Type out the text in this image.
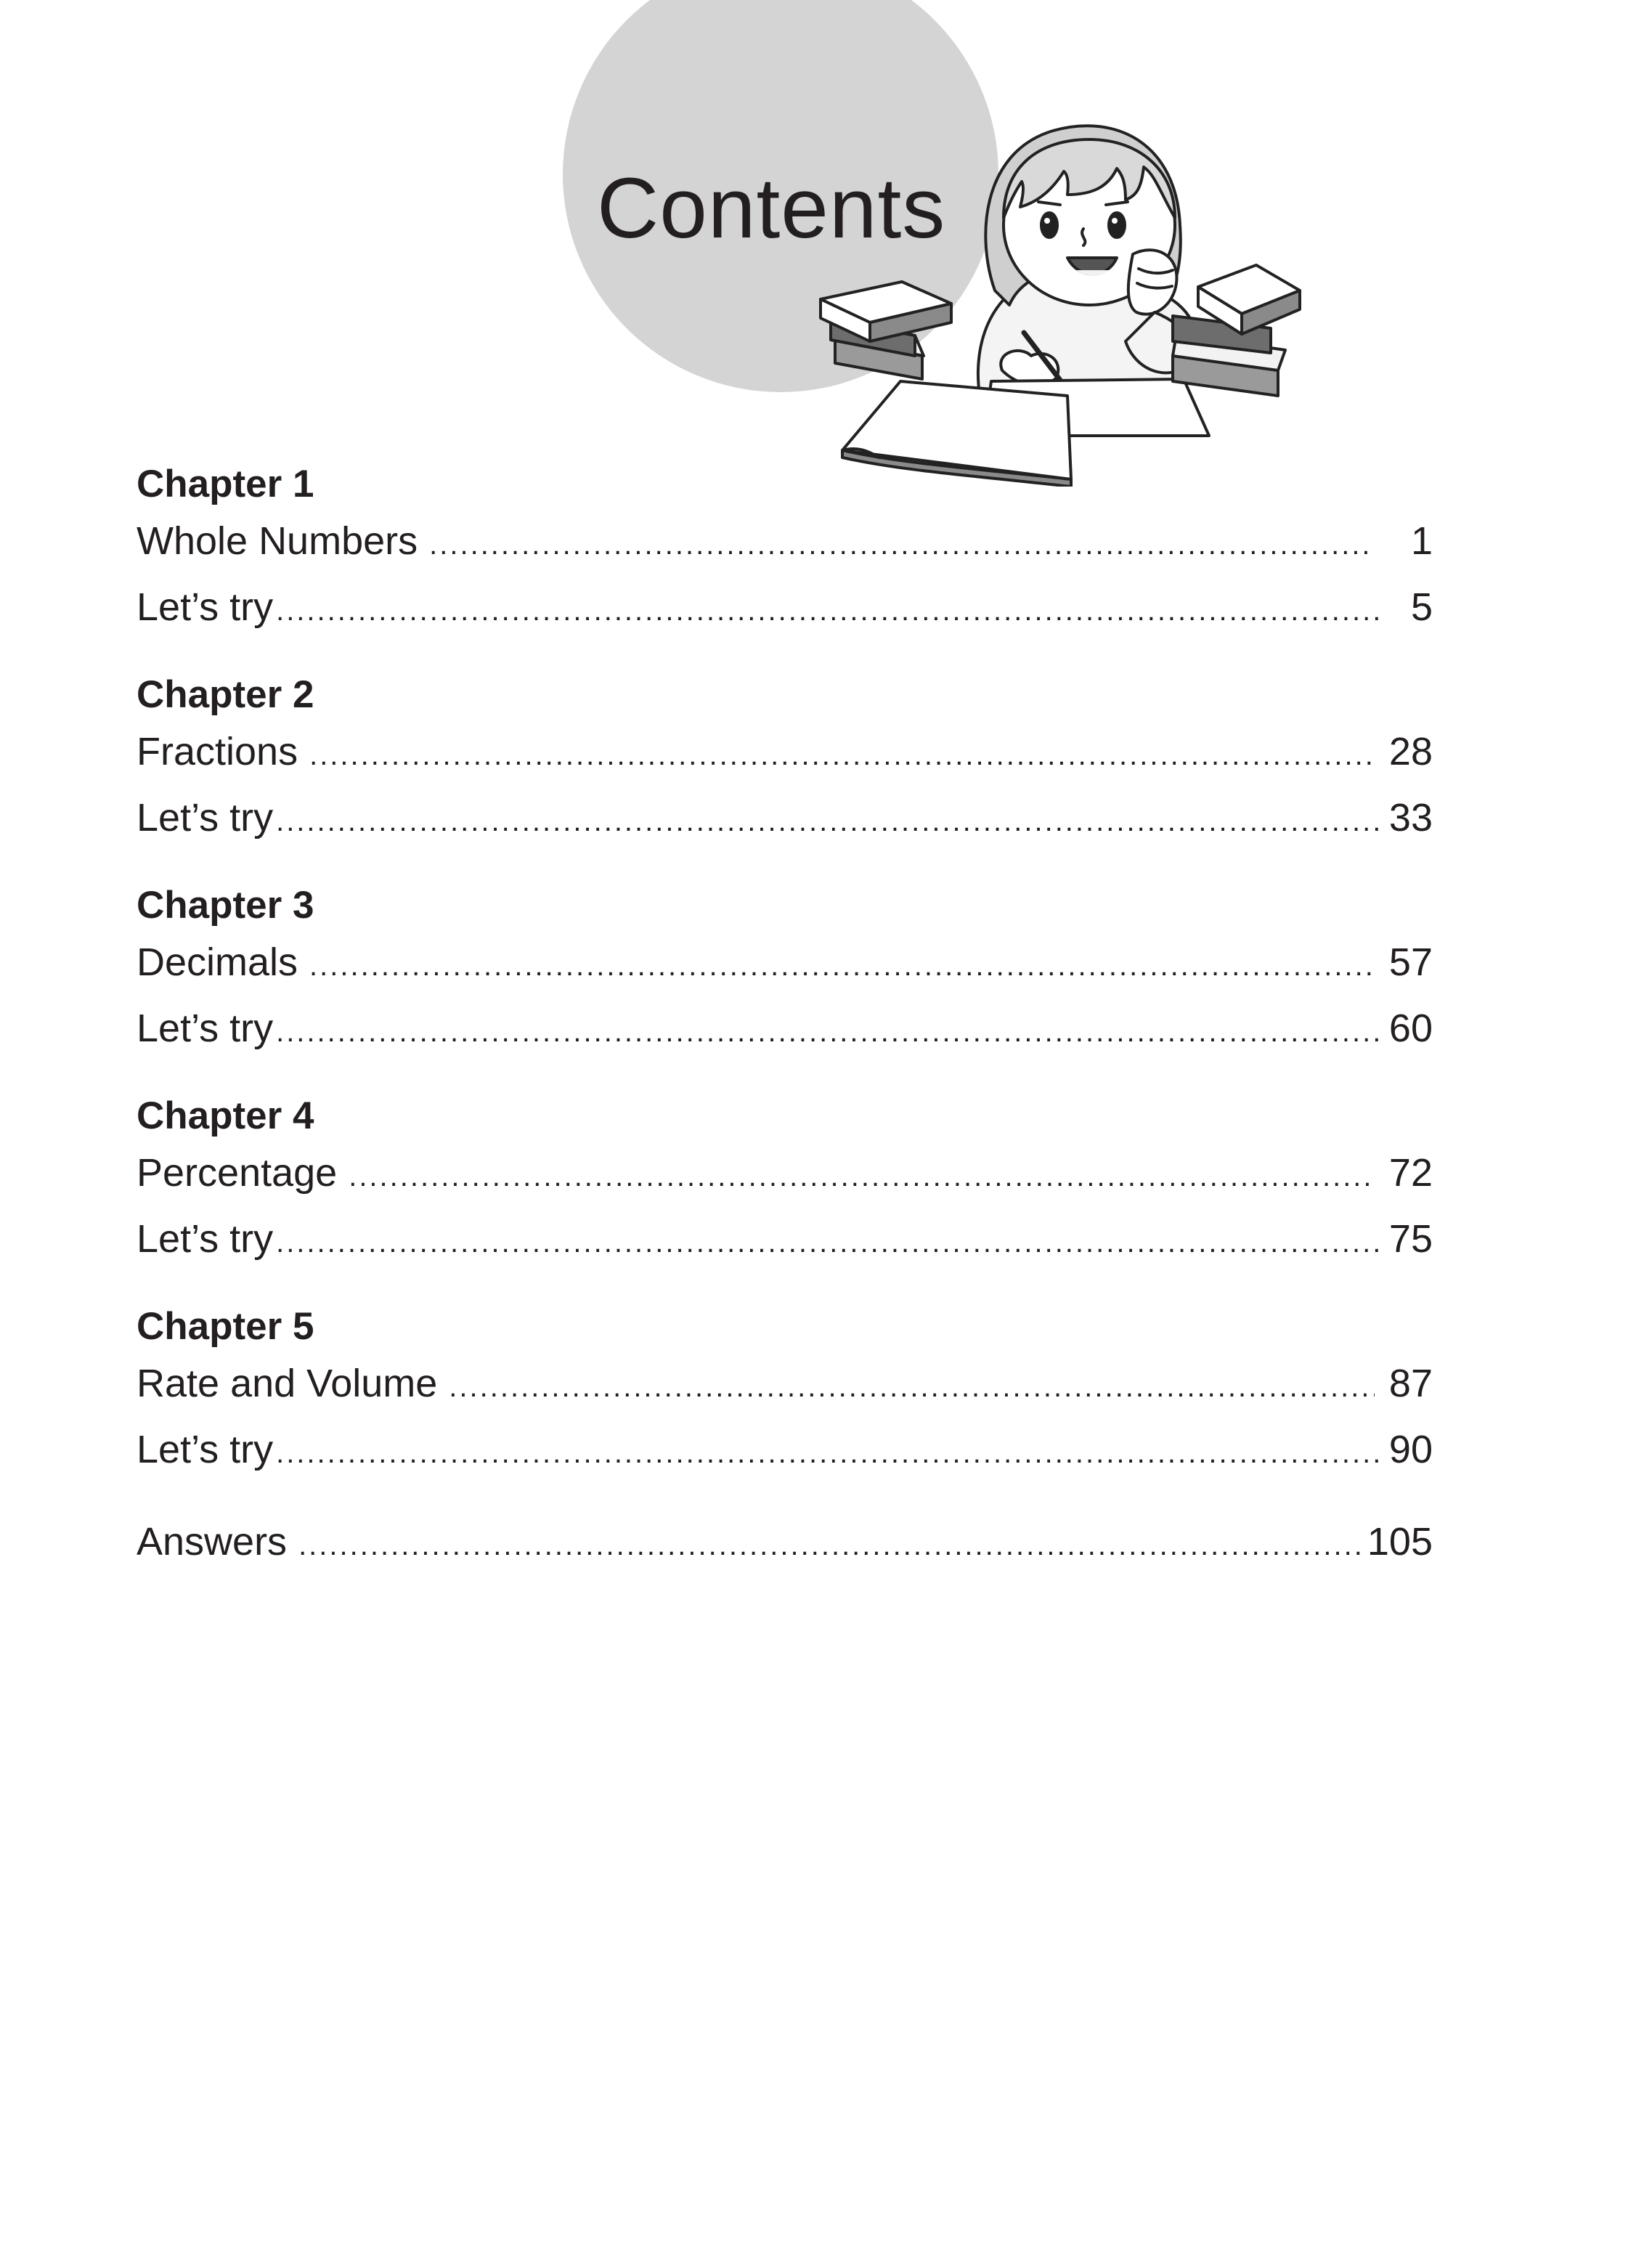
Contents
Chapter 1
Whole Numbers .....	1
Let’s try .....	5
Chapter 2
Fractions .....	28
Let’s try .....	33
Chapter 3
Decimals .....	57
Let’s try .....	60
Chapter 4
Percentage .....	72
Let’s try .....	75
Chapter 5
Rate and Volume .....	87
Let’s try .....	90
Answers .....	105
